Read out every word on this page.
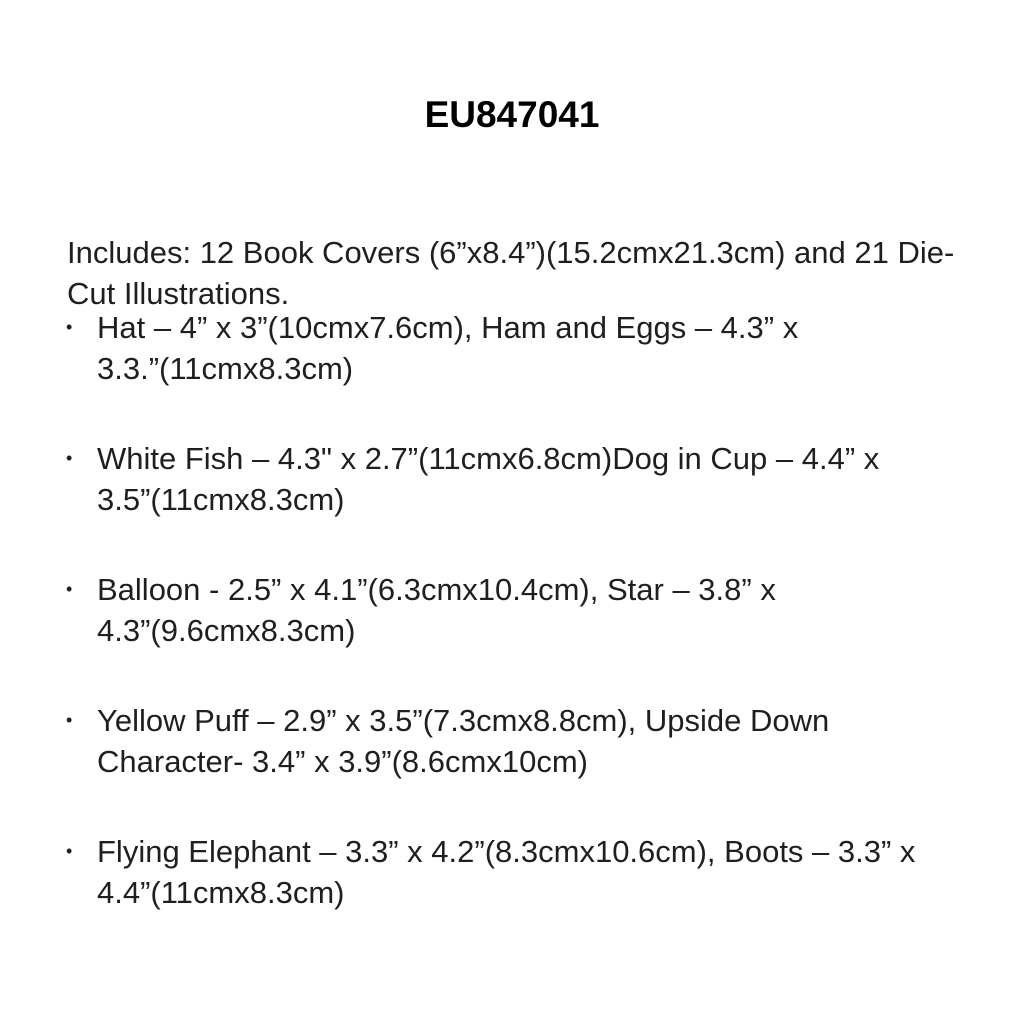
EU847041

Includes: 12 Book Covers (6”x8.4”)(15.2cmx21.3cm) and 21 Die-Cut Illustrations.

• Hat – 4” x 3”(10cmx7.6cm), Ham and Eggs – 4.3” x 3.3.”(11cmx8.3cm)
• White Fish – 4.3" x 2.7”(11cmx6.8cm)Dog in Cup – 4.4” x 3.5”(11cmx8.3cm)
• Balloon - 2.5” x 4.1”(6.3cmx10.4cm), Star – 3.8” x 4.3”(9.6cmx8.3cm)
• Yellow Puff – 2.9” x 3.5”(7.3cmx8.8cm), Upside Down Character- 3.4” x 3.9”(8.6cmx10cm)
• Flying Elephant – 3.3” x 4.2”(8.3cmx10.6cm), Boots – 3.3” x 4.4”(11cmx8.3cm)
